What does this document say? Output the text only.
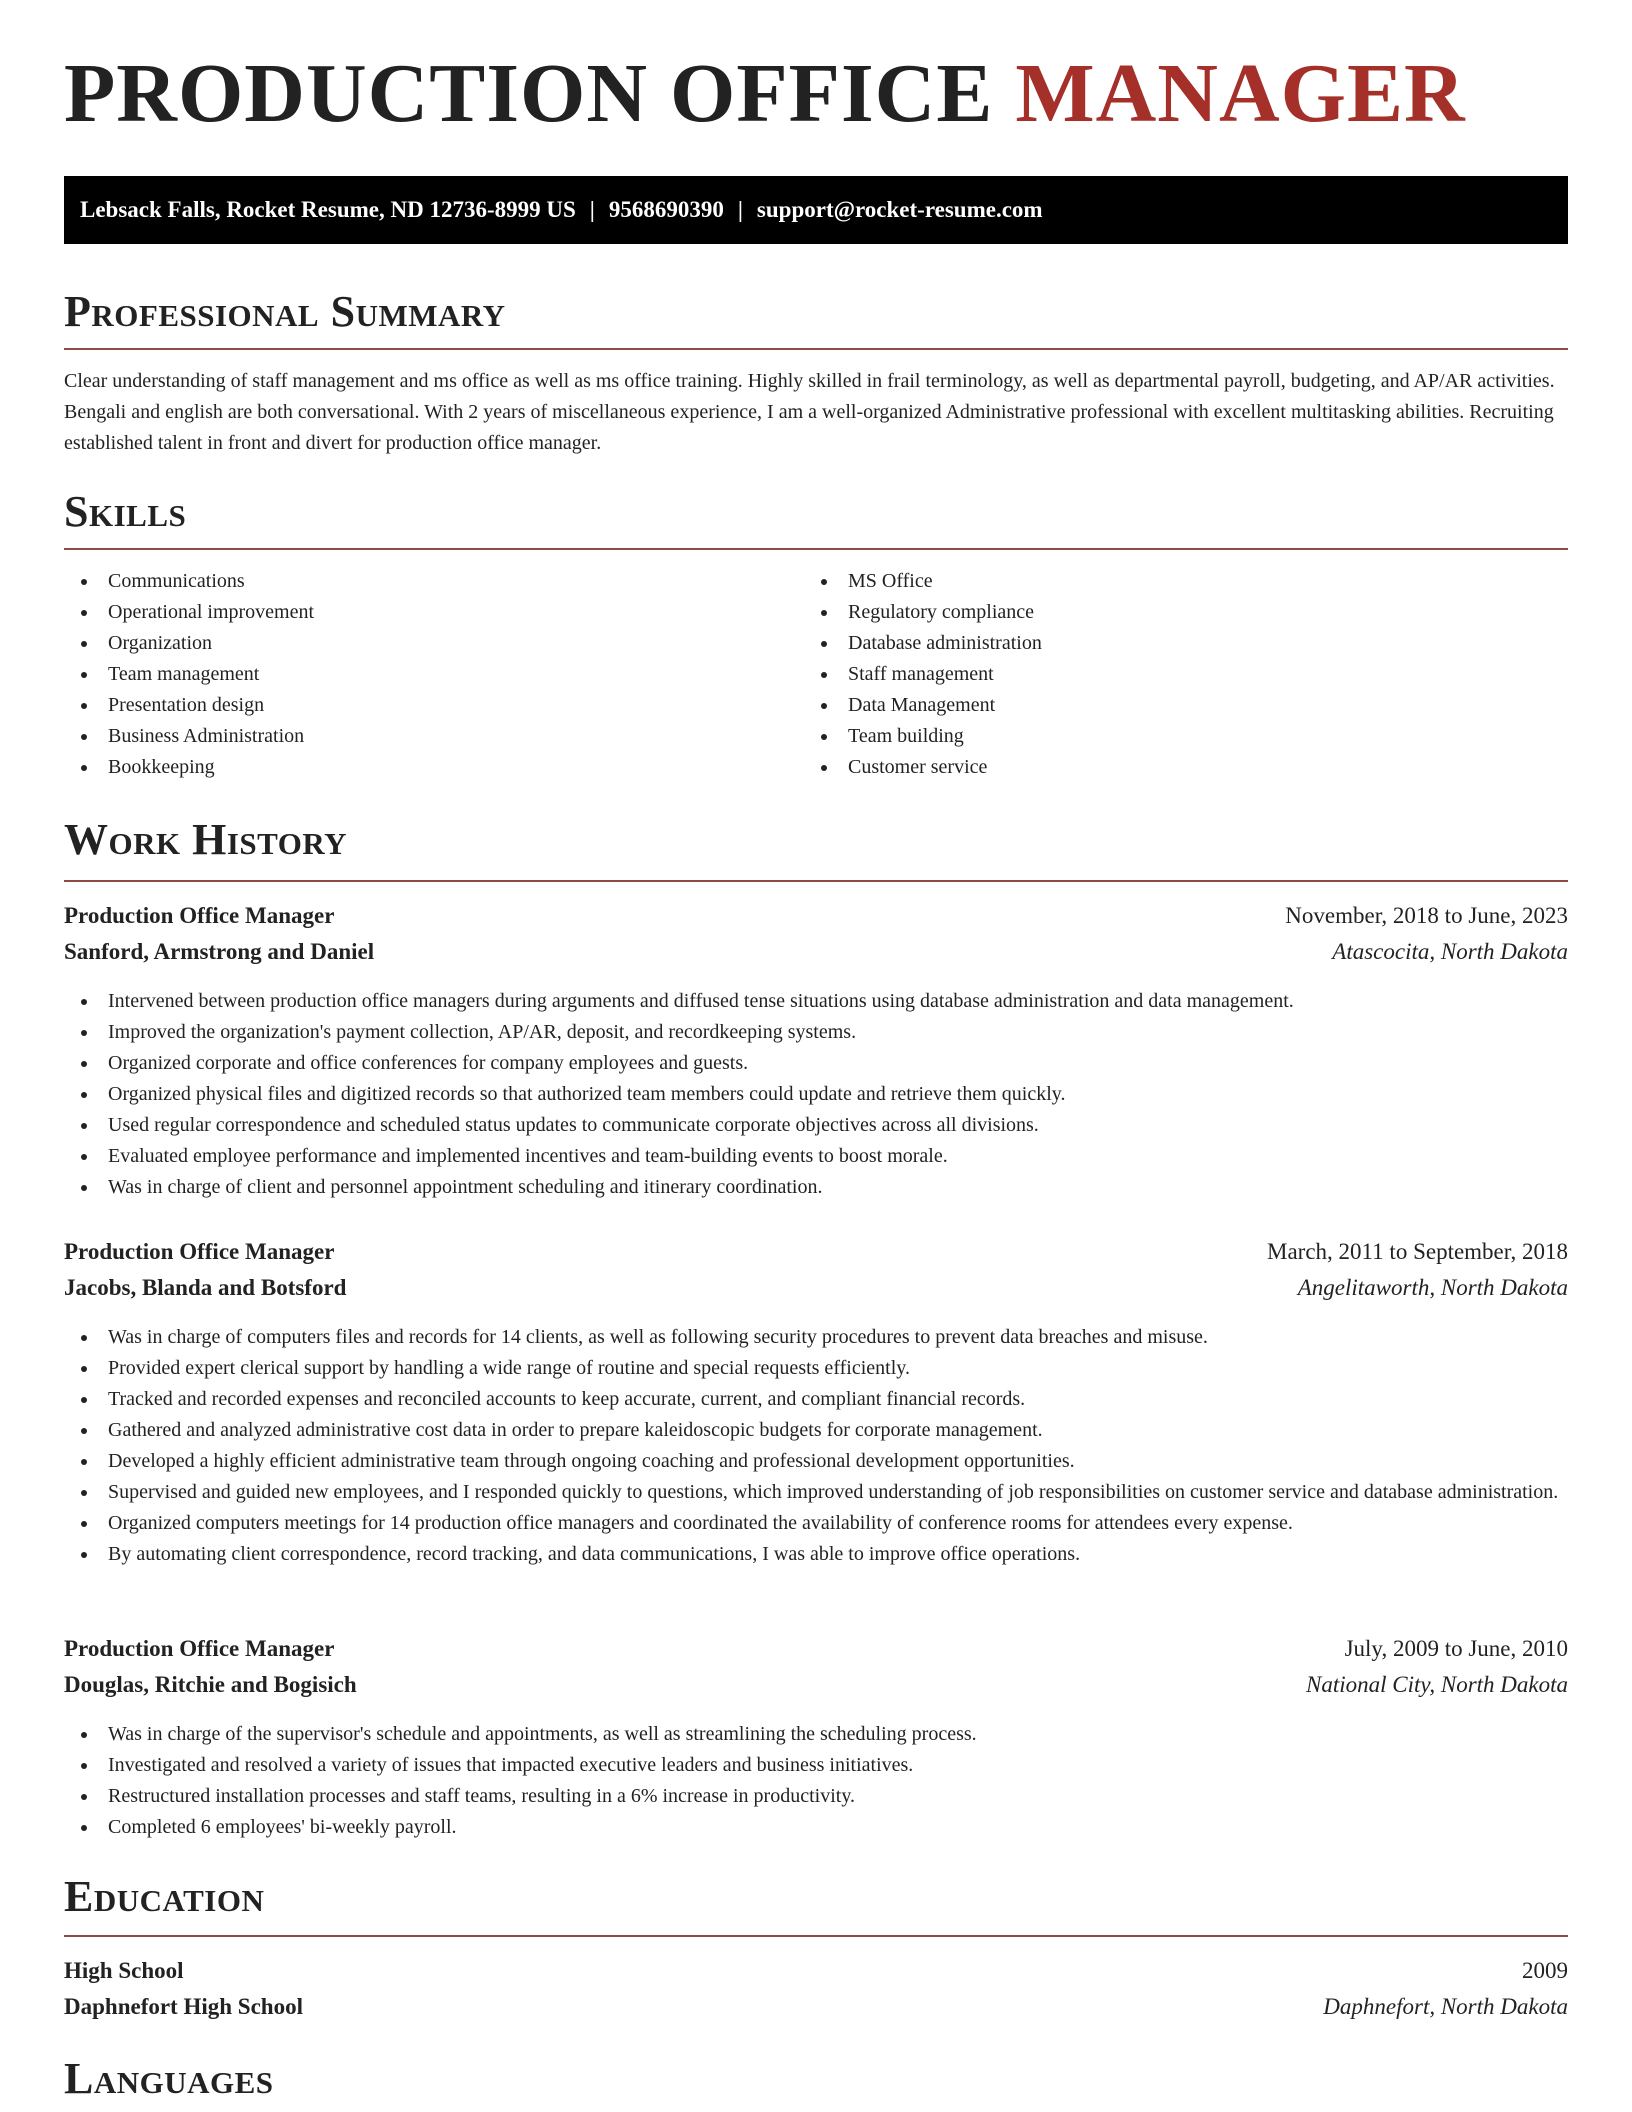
PRODUCTION OFFICE MANAGER
Lebsack Falls, Rocket Resume, ND 12736-8999 US | 9568690390 | support@rocket-resume.com
Professional Summary

Clear understanding of staff management and ms office as well as ms office training. Highly skilled in frail terminology, as well as departmental payroll, budgeting, and AP/AR activities. Bengali and english are both conversational. With 2 years of miscellaneous experience, I am a well-organized Administrative professional with excellent multitasking abilities. Recruiting established talent in front and divert for production office manager.

Skills
Communications
Operational improvement
Organization
Team management
Presentation design
Business Administration
Bookkeeping
MS Office
Regulatory compliance
Database administration
Staff management
Data Management
Team building
Customer service
Work History
Production Office Manager	November, 2018 to June, 2023
Sanford, Armstrong and Daniel	Atascocita, North Dakota
Intervened between production office managers during arguments and diffused tense situations using database administration and data management.
Improved the organization's payment collection, AP/AR, deposit, and recordkeeping systems.
Organized corporate and office conferences for company employees and guests.
Organized physical files and digitized records so that authorized team members could update and retrieve them quickly.
Used regular correspondence and scheduled status updates to communicate corporate objectives across all divisions.
Evaluated employee performance and implemented incentives and team-building events to boost morale.
Was in charge of client and personnel appointment scheduling and itinerary coordination.
Production Office Manager	March, 2011 to September, 2018
Jacobs, Blanda and Botsford	Angelitaworth, North Dakota
Was in charge of computers files and records for 14 clients, as well as following security procedures to prevent data breaches and misuse.
Provided expert clerical support by handling a wide range of routine and special requests efficiently.
Tracked and recorded expenses and reconciled accounts to keep accurate, current, and compliant financial records.
Gathered and analyzed administrative cost data in order to prepare kaleidoscopic budgets for corporate management.
Developed a highly efficient administrative team through ongoing coaching and professional development opportunities.
Supervised and guided new employees, and I responded quickly to questions, which improved understanding of job responsibilities on customer service and database administration.
Organized computers meetings for 14 production office managers and coordinated the availability of conference rooms for attendees every expense.
By automating client correspondence, record tracking, and data communications, I was able to improve office operations.
Production Office Manager	July, 2009 to June, 2010
Douglas, Ritchie and Bogisich	National City, North Dakota
Was in charge of the supervisor's schedule and appointments, as well as streamlining the scheduling process.
Investigated and resolved a variety of issues that impacted executive leaders and business initiatives.
Restructured installation processes and staff teams, resulting in a 6% increase in productivity.
Completed 6 employees' bi-weekly payroll.
Education
High School	2009
Daphnefort High School	Daphnefort, North Dakota
Languages
